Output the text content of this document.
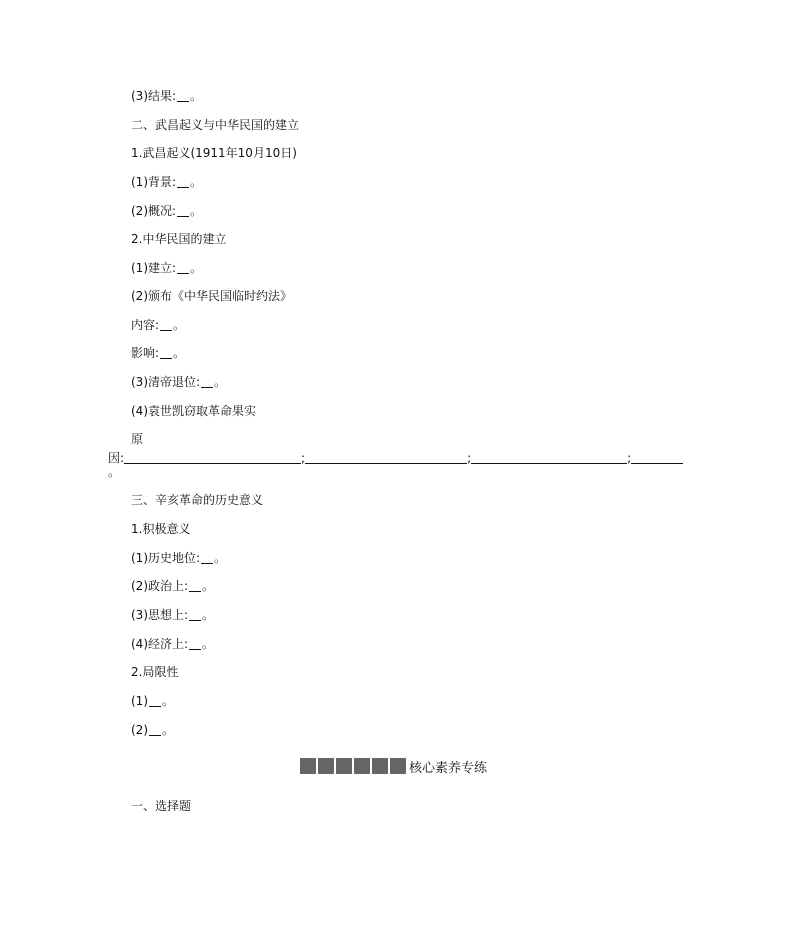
(3)结果: 。
二、武昌起义与中华民国的建立
1.武昌起义(1911年10月10日)
(1)背景: 。
(2)概况: 。
2.中华民国的建立
(1)建立: 。
(2)颁布《中华民国临时约法》
内容: 。
影响: 。
(3)清帝退位: 。
(4)袁世凯窃取革命果实
原
因:	;	;	;
。
三、辛亥革命的历史意义
1.积极意义
(1)历史地位: 。
(2)政治上: 。
(3)思想上: 。
(4)经济上: 。
2.局限性
(1) 。
(2) 。
核心素养专练
一、选择题
